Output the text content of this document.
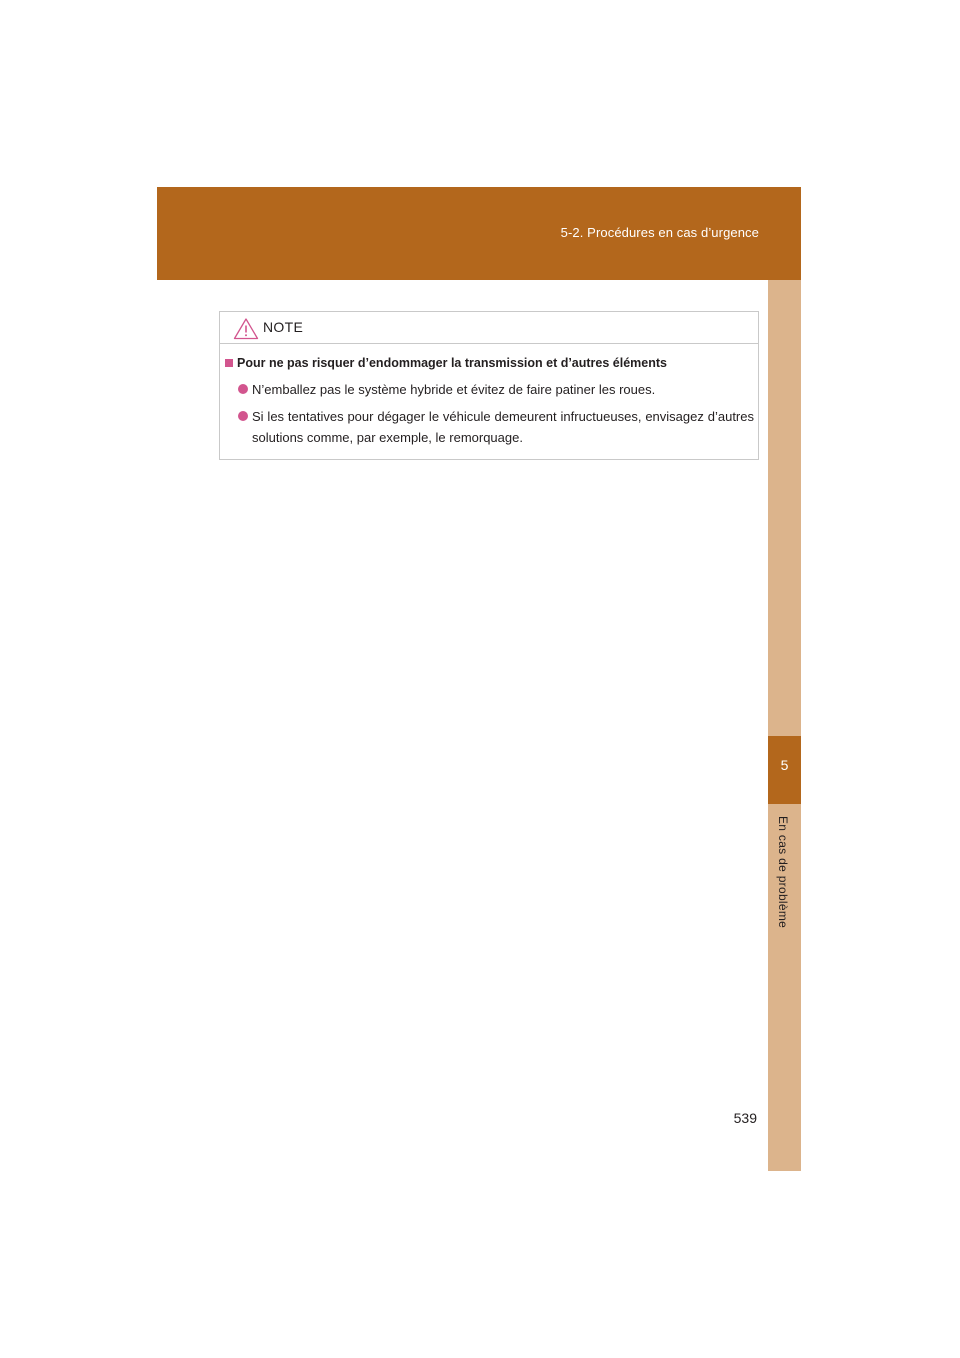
5-2. Procédures en cas d’urgence
5
En cas de problème
NOTE
Pour ne pas risquer d’endommager la transmission et d’autres éléments
N’emballez pas le système hybride et évitez de faire patiner les roues.
Si les tentatives pour dégager le véhicule demeurent infructueuses, envisagez d’autres solutions comme, par exemple, le remorquage.
539
